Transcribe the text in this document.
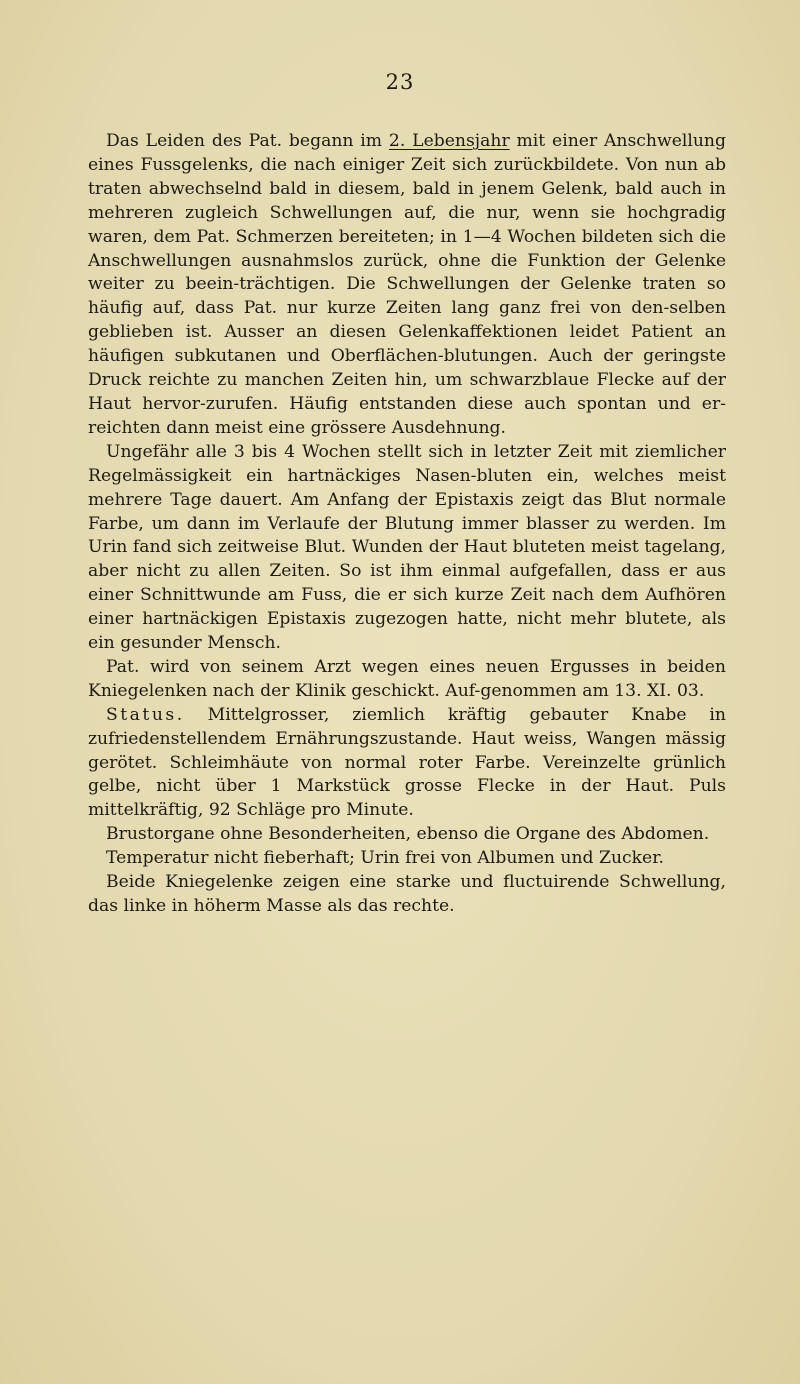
23

Das Leiden des Pat. begann im 2. Lebensjahr mit einer Anschwellung eines Fussgelenks, die nach einiger Zeit sich zurückbildete. Von nun ab traten abwechselnd bald in diesem, bald in jenem Gelenk, bald auch in mehreren zugleich Schwellungen auf, die nur, wenn sie hochgradig waren, dem Pat. Schmerzen bereiteten; in 1—4 Wochen bildeten sich die Anschwellungen ausnahmslos zurück, ohne die Funktion der Gelenke weiter zu beein-trächtigen. Die Schwellungen der Gelenke traten so häufig auf, dass Pat. nur kurze Zeiten lang ganz frei von den-selben geblieben ist. Ausser an diesen Gelenkaffektionen leidet Patient an häufigen subkutanen und Oberflächen-blutungen. Auch der geringste Druck reichte zu manchen Zeiten hin, um schwarzblaue Flecke auf der Haut hervor-zurufen. Häufig entstanden diese auch spontan und er-reichten dann meist eine grössere Ausdehnung.

Ungefähr alle 3 bis 4 Wochen stellt sich in letzter Zeit mit ziemlicher Regelmässigkeit ein hartnäckiges Nasen-bluten ein, welches meist mehrere Tage dauert. Am Anfang der Epistaxis zeigt das Blut normale Farbe, um dann im Verlaufe der Blutung immer blasser zu werden. Im Urin fand sich zeitweise Blut. Wunden der Haut bluteten meist tagelang, aber nicht zu allen Zeiten. So ist ihm einmal aufgefallen, dass er aus einer Schnittwunde am Fuss, die er sich kurze Zeit nach dem Aufhören einer hartnäckigen Epistaxis zugezogen hatte, nicht mehr blutete, als ein gesunder Mensch.

Pat. wird von seinem Arzt wegen eines neuen Ergusses in beiden Kniegelenken nach der Klinik geschickt. Auf-genommen am 13. XI. 03.

Status. Mittelgrosser, ziemlich kräftig gebauter Knabe in zufriedenstellendem Ernährungszustande. Haut weiss, Wangen mässig gerötet. Schleimhäute von normal roter Farbe. Vereinzelte grünlich gelbe, nicht über 1 Markstück grosse Flecke in der Haut. Puls mittelkräftig, 92 Schläge pro Minute.

Brustorgane ohne Besonderheiten, ebenso die Organe des Abdomen.

Temperatur nicht fieberhaft; Urin frei von Albumen und Zucker.

Beide Kniegelenke zeigen eine starke und fluctuirende Schwellung, das linke in höherm Masse als das rechte.
